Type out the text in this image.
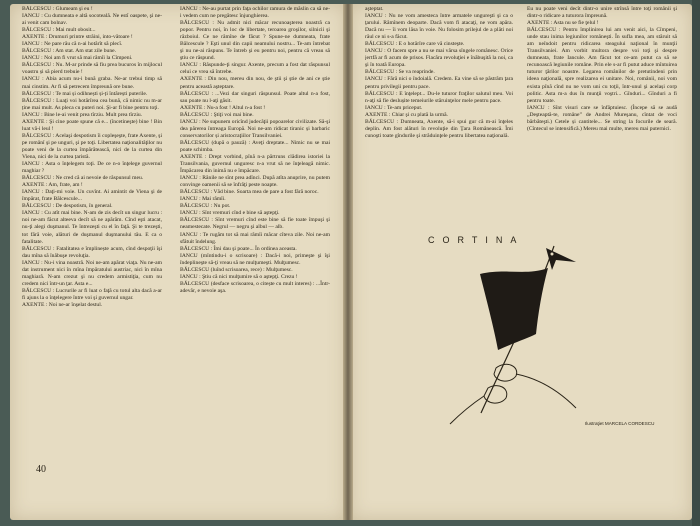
BĂLCESCU : Glumeam şi eu !

IANCU : Cu dumneata e altă socoteală. Ne estĭ oaspete, şi ne-ai venit cam bolnav.

BĂLCESCU : Mai mult obosit...

AXENTE : Drumuri printre străini, into-vătoare !

IANCU : Ne pare rău că n-ai hotărît să plecĭ.

BĂLCESCU : Am stat. Am stat zile bune.

IANCU : Noi am fi vrut să mai rămîi la Cîmpeni.

BĂLCESCU : Nu. M-ar prinde să fiu prea bucuros în mijlocul voastru și să pierd trebuie !

IANCU : Abia acum nu-i bună graba. Ne-ar trebui timp să mai cinstim. Ar fi să petrecem împreună ore bune.

BĂLCESCU : Te mai și odihnești și-ți întărești puterile.

BĂLCESCU : Luaţi voi hotărîrea cea bună, că nimic nu m-ar ține mai mult. As pleca cu puteri noi. Şi-ar fi bine pentru toţi.

IANCU : Bine le-ai venit prea tîrziu. Mult prea tîrziu.

AXENTE : Şi cine poate spune că e... (încetineşte) bine ! Bin luat vă-i leul !

BĂLCESCU : Acelaşi despotism îi copleşeşte, frate Axente, şi pe românî şi pe unguri, şi pe toţi. Libertatea naţionalităţilor nu poate veni de la curtea împărătească, nici de la curtea din Viena, nici de la curtea țaristă.

IANCU : Asta o înţelegem toţi. De ce n-o înţelege guvernul maghiar ?

BĂLCESCU : Ne cred că ai nevoie de răspunsul meu.

AXENTE : Am, frate, am !

IANCU : Daţi-mi voie. Un cuvînt. Ai amintit de Viena şi de împărat, frate Bălcescule...

BĂLCESCU : De despotism, în general.

IANCU : Cu atît mai bine. N-am de zis decît un singur lucru : noi ne-am făcut alteeva decît să ne apărăm. Cînd eşti atacat, nu-ţi alegi duşmanul. Te întrezeşti cu el în faţă. Şi te trezeşti, tot fără voie, alături de duşmanul duşmanului tău. E ca o fatalitate.

BĂLCESCU : Fatalitatea e împlinește acum, cînd despoţii îşi dau mîna să înăbuşe revoluţia.

IANCU : Nu-i vina noastră. Noi ne-am apărat viaţa. Nu ne-am dat instrument nici în mîna împăratului austriac, nici în mîna maghiară. N-am crezut şi nu credem armistiţia, cum nu credem nici într-un ţar. Asta e...

BĂLCESCU : Lucrurile ar fi luat o faţă cu totul alta dacă a-ar fi ajuns la o înţelegere între voi şi guvernul ungar.

AXENTE : Noi ne-ar înşelat destul.

IANCU : Ne-au purtat prin faţa ochilor ramura de măslin ca să ne-i vedem cum ne pregătesc înjunghierea.

BĂLCESCU : Nu admit nici măcar recunoaşterea noastră ca popor. Pentru noi, în loc de libertate, teroarea groşilor, silnicii şi războiul. Ce ne rămîne de făcut ? Spune-ne dumneata, frate Bălcescule ? Eşti unul din capii neamului nostru... Te-am întrebat şi nu ne-ai răspuns. Te întreb şi eu pentru noi, pentru că vreau să ştiu ce răspund.

IANCU : Răspunde-ţi singur. Axente, precum a fost dat răspunsul celui ce vrea să întrebe.

AXENTE : Din nou, mereu din nou, de ştii şi ştie de ani ce ştie pentru această aşteptare.

BĂLCESCU : ...Vezi dar singuri răspunsul. Poate altul n-a fost, sau poate nu l-aţi găsit.

AXENTE : Nu-a fost ! Altul n-a fost !

BĂLCESCU : Ştiţi voi mai bine.

IANCU : Ne supunem oricînd judecăţii popoarelor civilizate. Să-şi dea părerea întreaga Europă. Noi ne-am ridicat tiranic și barbaric conservatorilor și aristocraţiilor Transilvaniei.

BĂLCESCU (după o pauză) : Aveţi dreptate... Nimic nu se mai poate schimba.

AXENTE : Drept vorbind, pînă n-a părtruns clădirea istoriei la Transilvania, guvernul unguresc n-a vrut să ne înţeleagă nimic. Împăcarea din inimă nu e împăcare.

IANCU : Rănile ne sînt prea adînci. După atîta anuprire, nu putem convinge oamenii să se înfrăţi peste noapte.

BĂLCESCU : Văd bine. Soarta mea de pare a fost fără noroc.

IANCU : Mai rămîi.

BĂLCESCU : Nu pot.

IANCU : Sînt vremuri cînd e bine să aştepţi.

BĂLCESCU : Sînt vremuri cînd este bine să fie toate împuşi şi neamestecate. Negrul — negru şi albul — alb.

IANCU : Te rugăm tot să mai rămîi măcar cîteva zile. Noi ne-am sfătuit îndelung.

BĂLCESCU : Îmi dau şi poate... În ordinea aceasta.

IANCU (mîntindu-i o scrisoare) : Dacă-i noi, primeşte şi îşi îndeplineşte să-ţi vreau să ne mulţumeşti. Mulţumesc.

BĂLCESCU (luînd scrisoarea, rece) : Mulţumesc.

IANCU : Ştiu că nici mulţumire să o aştepţi. Crezu !

BĂLCESCU (desface scrisoarea, o citește cu mult interes) : ...Într-adevăr, e nevoie aşa.

40

aşteptat.

IANCU : Nu ne vom amesteca între armatele ungureşti şi ca o ţarului. Rămînem deoparte. Dacă vom fi atacaţi, ne vom apăra. Dacă nu — îi vom lăsa în voie. Nu folosim prilejul de a plăti noi răul ce ni s-a făcut.

BĂLCESCU : E o hotărîre care vă cinsteşte.

IANCU : O facem spre a nu se mai vărsa sîngele românesc. Orice jertfă ar fi acum de prisos. Flacăra revoluţiei e înăbuşită la noi, ca şi în toată Europa.

BĂLCESCU : Se va reaprinde.

IANCU : Fără nici o îndoială. Credem. Ea vine să se păstrăm ţara pentru privilegii pentru pace.

BĂLCESCU : E înţelept... Du-le tuturor fraţilor salutul meu. Voi n-aţi să fie deslușite temeiurile stăruinţelor mele pentru pace.

IANCU : Te-am priceput.

AXENTE : Chiar şi cu plată la urmă.

BĂLCESCU : Dumneata, Axente, să-i spui gur că m-ai înţeles deplin. Am fost alături în revoluţie din Ţara Românească. Îmi cunoşti toate gîndurile şi străduinţele pentru libertatea naţională.

Eu nu poate veni decît dintr-o unire strînsă între toţi românii şi dintr-o ridicare a tuturora împreună.

AXENTE : Asta nu se fie ţelul !

BĂLCESCU : Pentru împlinirea lui am venit aici, la Cîmpeni, unde stau inima legiunilor româneşti. În sufla mea, am stăruit să am neîndoit pentru ridicarea steagului naţional în munţii Transilvaniei. Am vorbit multora despre voi toţi şi despre dumneata, frate Iancule. Am făcut tot ce-am putut ca să se recunoască legiunile române. Prin ele s-ar fi putut aduce mîntuirea tuturor ţărilor noastre. Legarea românilor de pretutindeni prin ideea naţională, spre realizarea ei unitare. Noi, românii, noi vom exista pînă cînd nu ne vom uni cu toţii, într-unul şi același corp politic. Asta m-a dus în munţii voştri... Gînduri... Gînduri a fi pentru toate.

IANCU : Sînt visuri care se înfăptuiesc. (Începe să se audă „Deşteaptă-te, române” de Andrei Mureşanu, cîntat de voci bărbăteşti.) Cetele și cantitele... Se string la focurile de seară. (Cîntecul se intensifică.) Mereu mai multe, mereu mai puternici.

CORTINA
Ilustraţiet MARCELA CORDESCU
